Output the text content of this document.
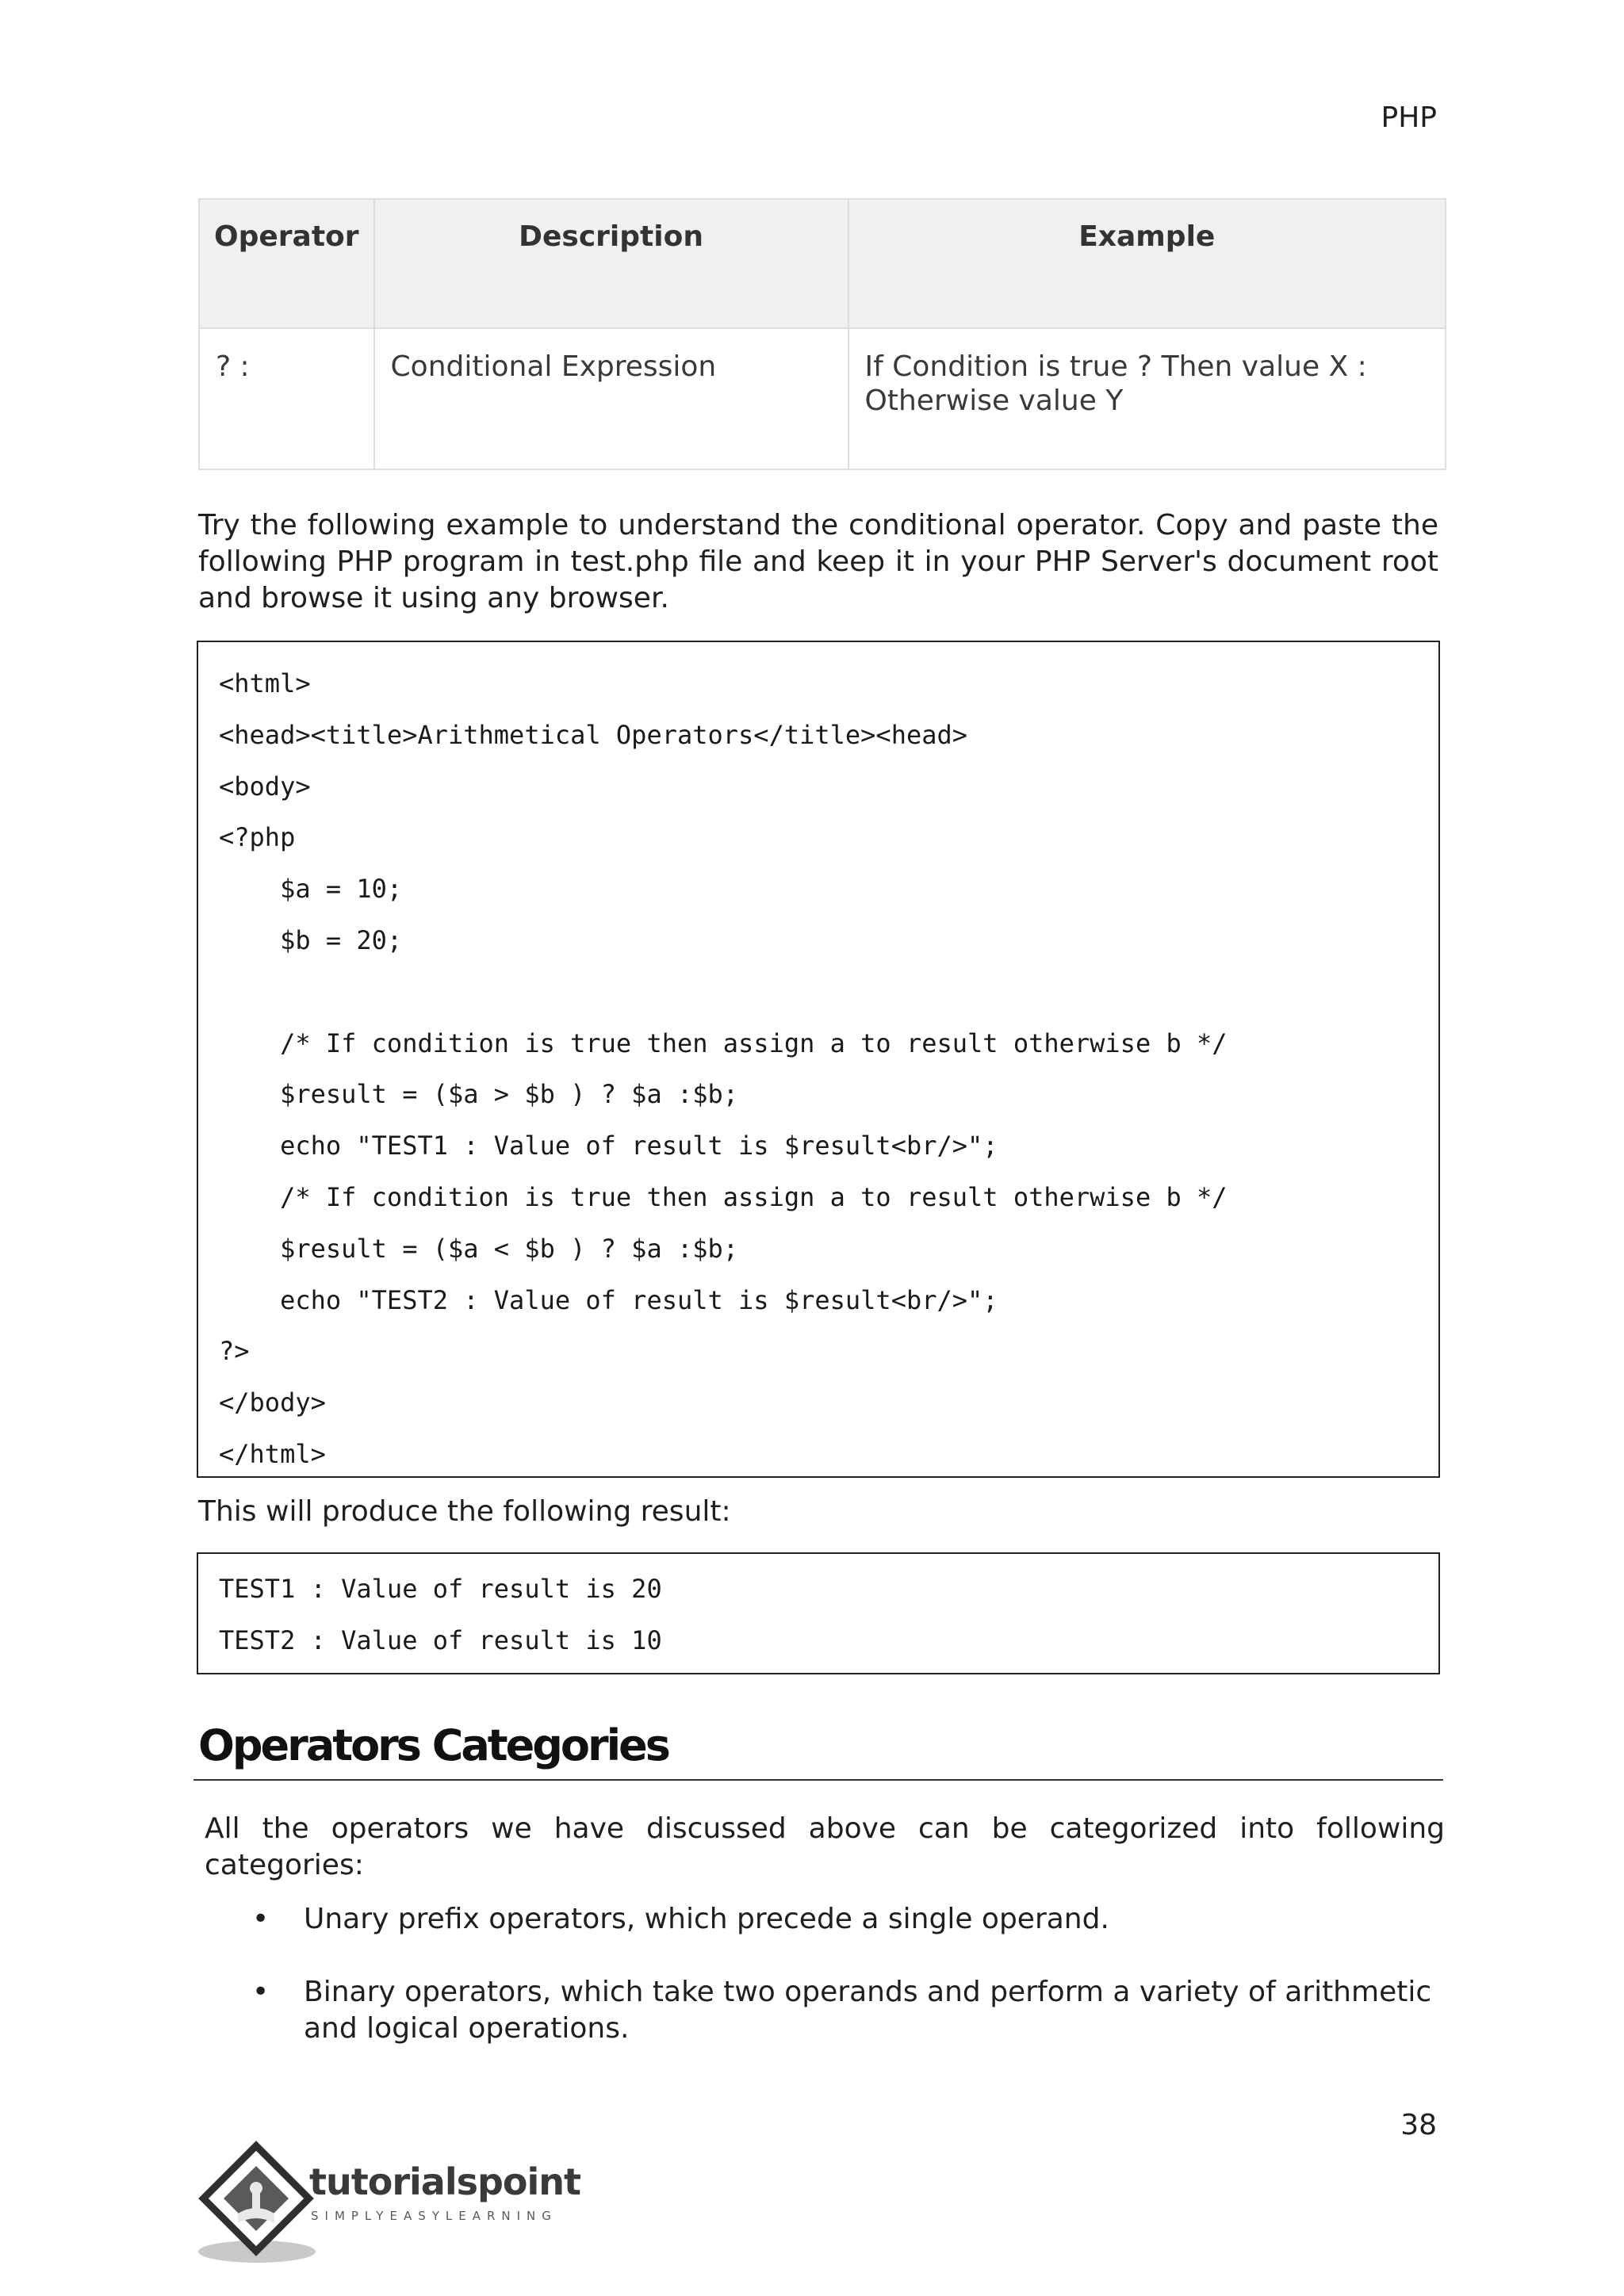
PHP
Operator	Description	Example
? :	Conditional Expression	If Condition is true ? Then value X : Otherwise value Y

Try the following example to understand the conditional operator. Copy and paste the following PHP program in test.php file and keep it in your PHP Server's document root and browse it using any browser.

<html>
<head><title>Arithmetical Operators</title><head>
<body>
<?php
$a = 10;
$b = 20;
/* If condition is true then assign a to result otherwise b */
$result = ($a > $b ) ? $a :$b;
echo "TEST1 : Value of result is $result<br/>";
/* If condition is true then assign a to result otherwise b */
$result = ($a < $b ) ? $a :$b;
echo "TEST2 : Value of result is $result<br/>";
?>
</body>
</html>

This will produce the following result:

TEST1 : Value of result is 20
TEST2 : Value of result is 10
Operators Categories

All the operators we have discussed above can be categorized into following categories:

• Unary prefix operators, which precede a single operand.
• Binary operators, which take two operands and perform a variety of arithmetic and logical operations.
38
tutorialspoint
SIMPLYEASYLEARNING
